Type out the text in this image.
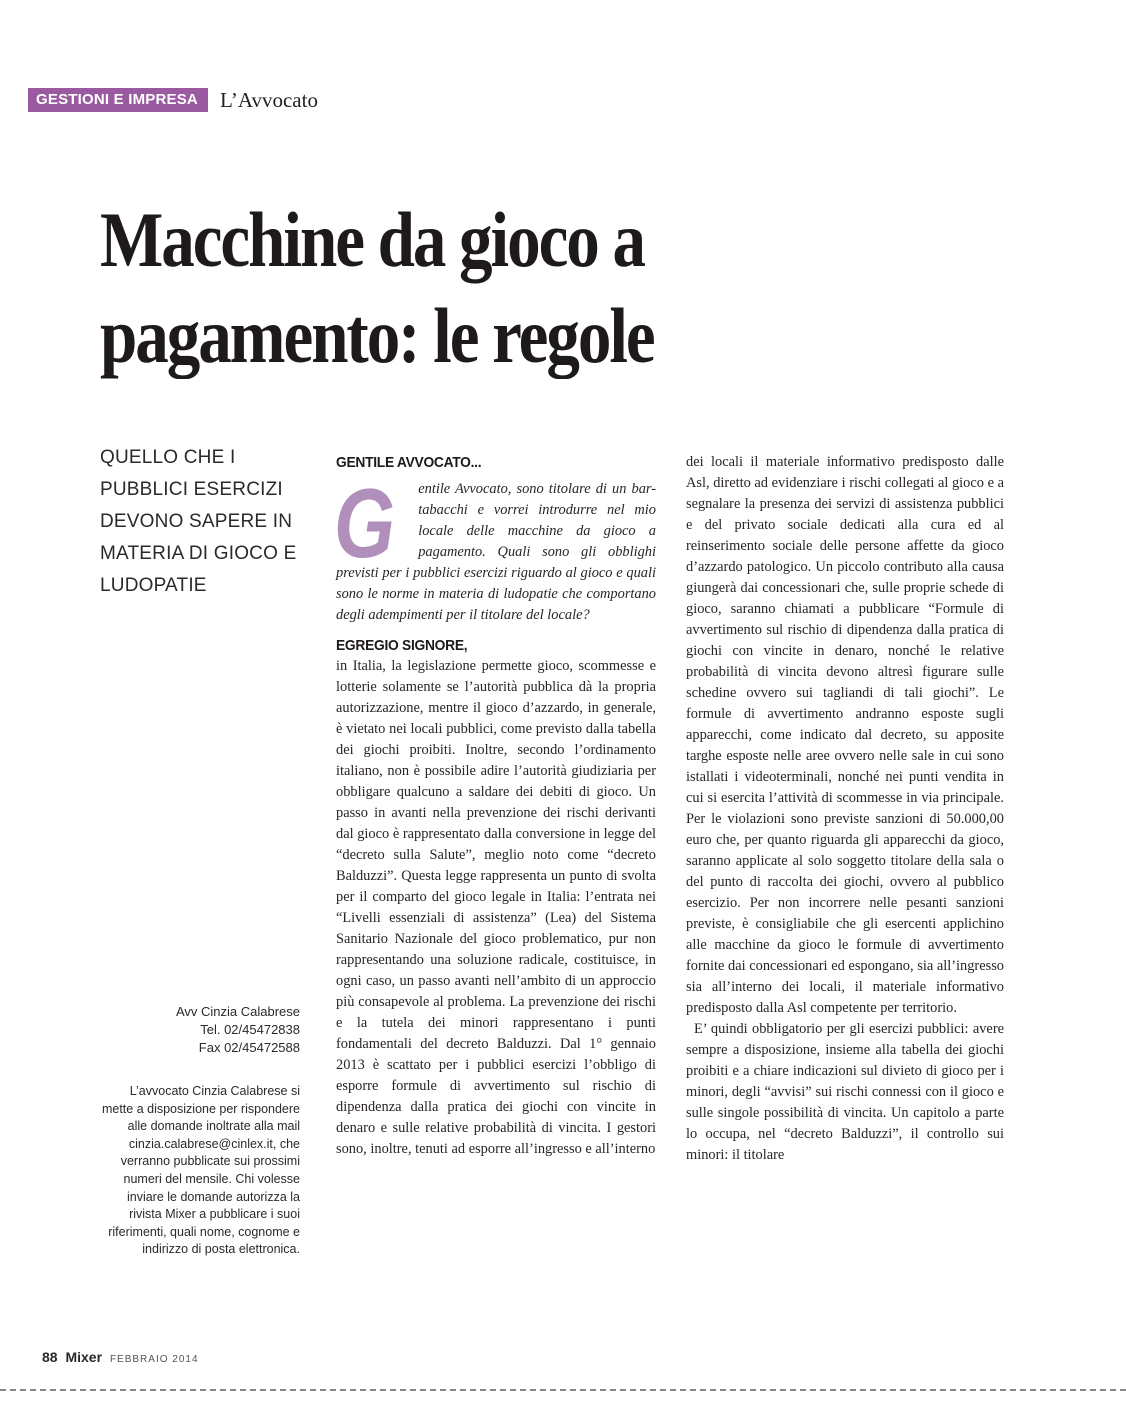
GESTIONI E IMPRESA	L’Avvocato
Macchine da gioco a pagamento: le regole
QUELLO CHE I PUBBLICI ESERCIZI DEVONO SAPERE IN MATERIA DI GIOCO E LUDOPATIE
Avv Cinzia Calabrese
Tel. 02/45472838
Fax 02/45472588
L’avvocato Cinzia Calabrese si mette a disposizione per rispondere alle domande inoltrate alla mail cinzia.calabrese@cinlex.it, che verranno pubblicate sui prossimi numeri del mensile. Chi volesse inviare le domande autorizza la rivista Mixer a pubblicare i suoi riferimenti, quali nome, cognome e indirizzo di posta elettronica.
GENTILE AVVOCATO...

G entile Avvocato, sono titolare di un bar-tabacchi e vorrei introdurre nel mio locale delle macchine da gioco a pagamento. Quali sono gli obblighi previsti per i pubblici esercizi riguardo al gioco e quali sono le norme in materia di ludopatie che comportano degli adempimenti per il titolare del locale?

EGREGIO SIGNORE,

in Italia, la legislazione permette gioco, scommesse e lotterie solamente se l’autorità pubblica dà la propria autorizzazione, mentre il gioco d’azzardo, in generale, è vietato nei locali pubblici, come previsto dalla tabella dei giochi proibiti. Inoltre, secondo l’ordinamento italiano, non è possibile adire l’autorità giudiziaria per obbligare qualcuno a saldare dei debiti di gioco. Un passo in avanti nella prevenzione dei rischi derivanti dal gioco è rappresentato dalla conversione in legge del “decreto sulla Salute”, meglio noto come “decreto Balduzzi”. Questa legge rappresenta un punto di svolta per il comparto del gioco legale in Italia: l’entrata nei “Livelli essenziali di assistenza” (Lea) del Sistema Sanitario Nazionale del gioco problematico, pur non rappresentando una soluzione radicale, costituisce, in ogni caso, un passo avanti nell’ambito di un approccio più consapevole al problema. La prevenzione dei rischi e la tutela dei minori rappresentano i punti fondamentali del decreto Balduzzi. Dal 1° gennaio 2013 è scattato per i pubblici esercizi l’obbligo di esporre formule di avvertimento sul rischio di dipendenza dalla pratica dei giochi con vincite in denaro e sulle relative probabilità di vincita. I gestori sono, inoltre, tenuti ad esporre all’ingresso e all’interno

dei locali il materiale informativo predisposto dalle Asl, diretto ad evidenziare i rischi collegati al gioco e a segnalare la presenza dei servizi di assistenza pubblici e del privato sociale dedicati alla cura ed al reinserimento sociale delle persone affette da gioco d’azzardo patologico. Un piccolo contributo alla causa giungerà dai concessionari che, sulle proprie schede di gioco, saranno chiamati a pubblicare “Formule di avvertimento sul rischio di dipendenza dalla pratica di giochi con vincite in denaro, nonché le relative probabilità di vincita devono altresì figurare sulle schedine ovvero sui tagliandi di tali giochi”. Le formule di avvertimento andranno esposte sugli apparecchi, come indicato dal decreto, su apposite targhe esposte nelle aree ovvero nelle sale in cui sono istallati i videoterminali, nonché nei punti vendita in cui si esercita l’attività di scommesse in via principale. Per le violazioni sono previste sanzioni di 50.000,00 euro che, per quanto riguarda gli apparecchi da gioco, saranno applicate al solo soggetto titolare della sala o del punto di raccolta dei giochi, ovvero al pubblico esercizio. Per non incorrere nelle pesanti sanzioni previste, è consigliabile che gli esercenti applichino alle macchine da gioco le formule di avvertimento fornite dai concessionari ed espongano, sia all’ingresso sia all’interno dei locali, il materiale informativo predisposto dalla Asl competente per territorio.

E’ quindi obbligatorio per gli esercizi pubblici: avere sempre a disposizione, insieme alla tabella dei giochi proibiti e a chiare indicazioni sul divieto di gioco per i minori, degli “avvisi” sui rischi connessi con il gioco e sulle singole possibilità di vincita. Un capitolo a parte lo occupa, nel “decreto Balduzzi”, il controllo sui minori: il titolare

88 Mixer FEBBRAIO 2014
